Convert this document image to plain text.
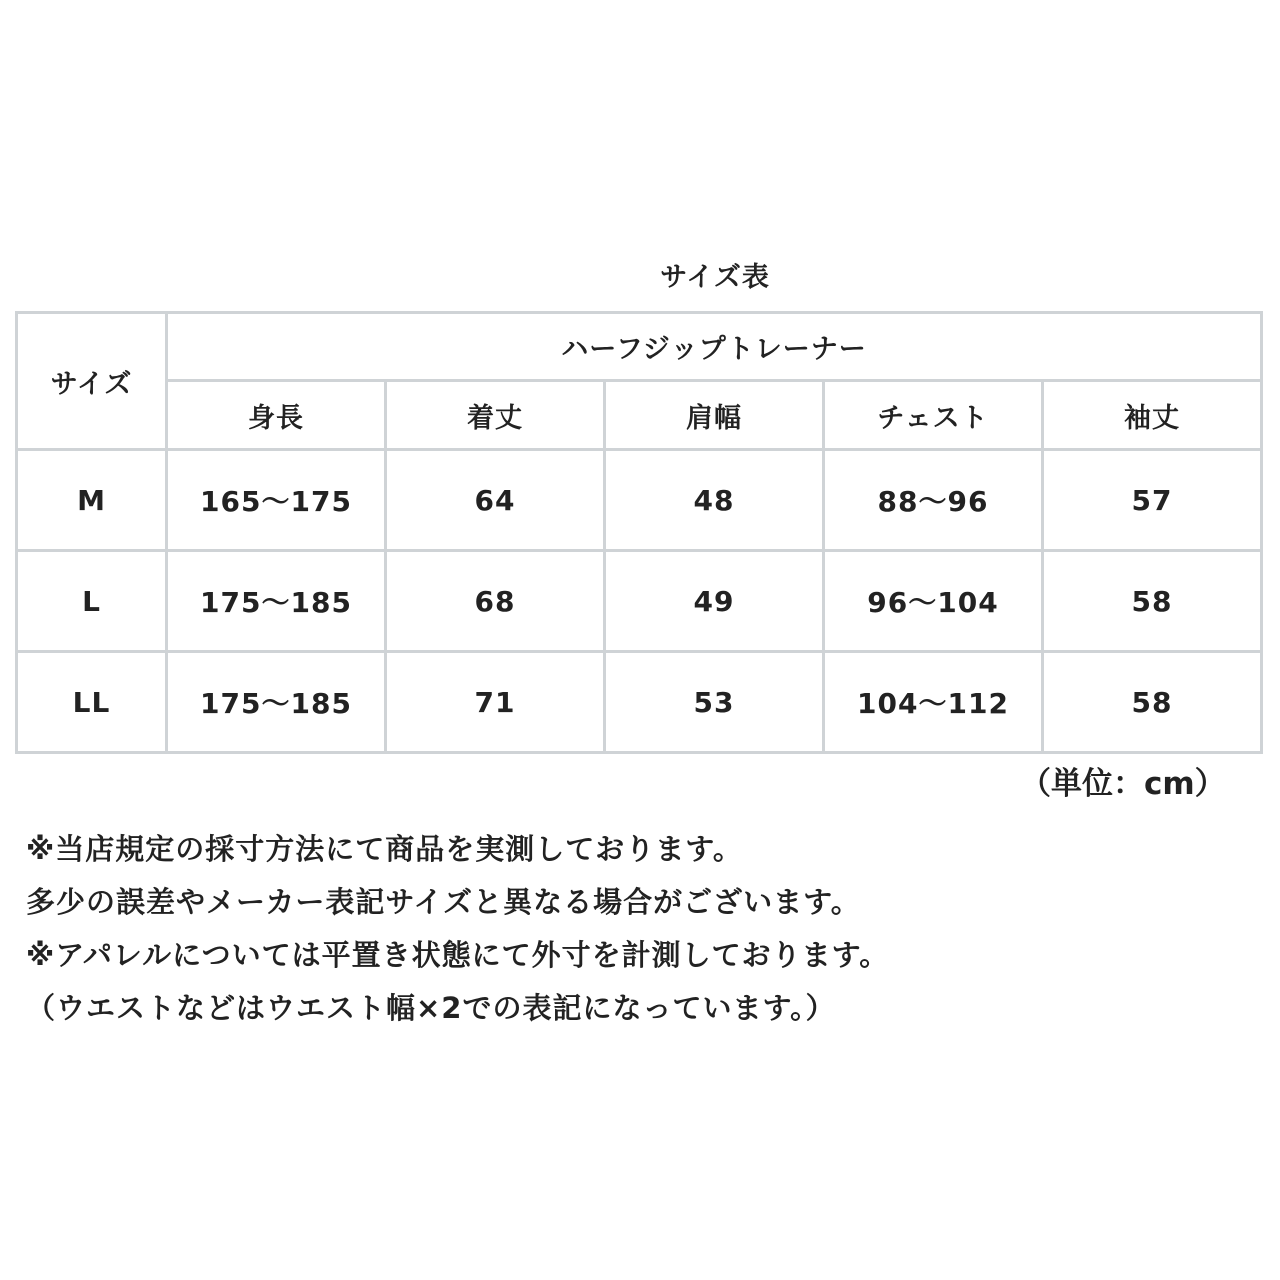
サイズ表
サイズ	ハーフジップトレーナー				
	身長	着丈	肩幅	チェスト	袖丈
M	165～175	64	48	88～96	57
L	175～185	68	49	96～104	58
LL	175～185	71	53	104～112	58
（単位：cm）
※当店規定の採寸方法にて商品を実測しております。
多少の誤差やメーカー表記サイズと異なる場合がございます。
※アパレルについては平置き状態にて外寸を計測しております。
（ウエストなどはウエスト幅×2での表記になっています。）
